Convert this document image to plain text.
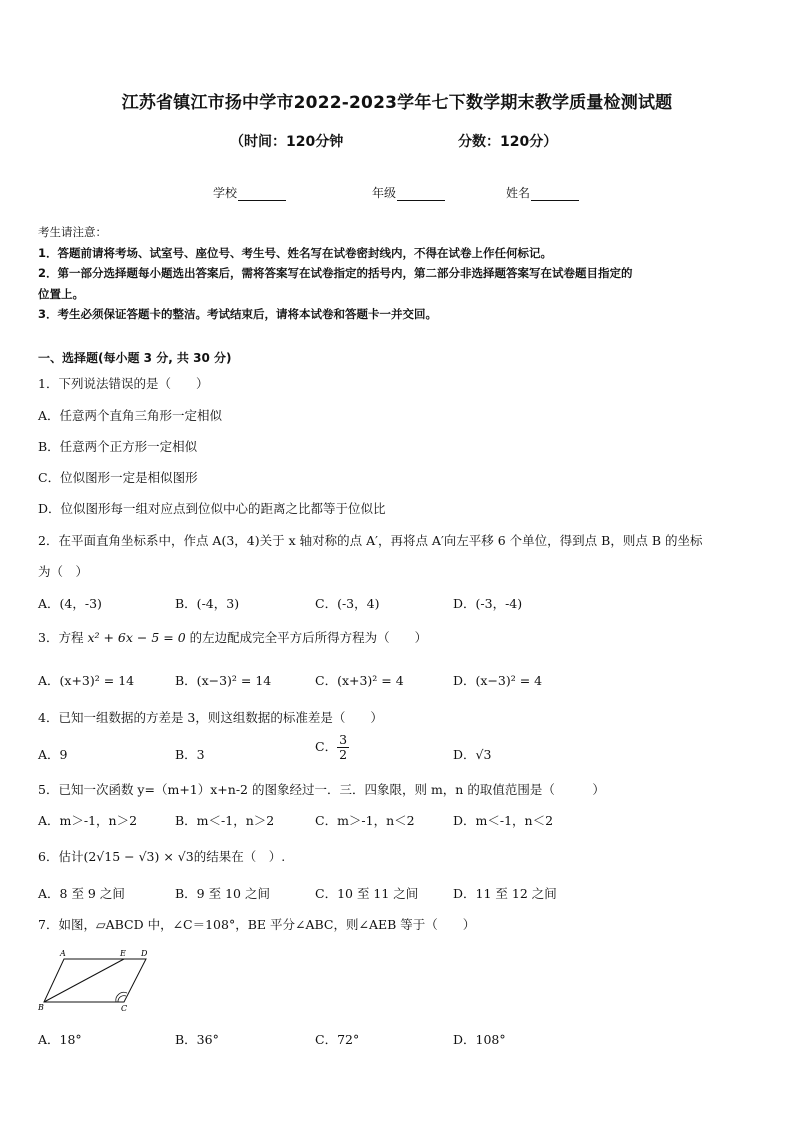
江苏省镇江市扬中学市2022-2023学年七下数学期末教学质量检测试题
（时间：120分钟	分数：120分）
学校	年级	姓名
考生请注意：
1．答题前请将考场、试室号、座位号、考生号、姓名写在试卷密封线内，不得在试卷上作任何标记。
2．第一部分选择题每小题选出答案后，需将答案写在试卷指定的括号内，第二部分非选择题答案写在试卷题目指定的
位置上。
3．考生必须保证答题卡的整洁。考试结束后，请将本试卷和答题卡一并交回。
一、选择题(每小题 3 分, 共 30 分)
1．下列说法错误的是（　　）
A．任意两个直角三角形一定相似
B．任意两个正方形一定相似
C．位似图形一定是相似图形
D．位似图形每一组对应点到位似中心的距离之比都等于位似比
2．在平面直角坐标系中，作点 A(3，4)关于 x 轴对称的点 A′，再将点 A′向左平移 6 个单位，得到点 B，则点 B 的坐标
为（　）
A．(4，-3)	B．(-4，3)	C．(-3，4)	D．(-3，-4)
3．方程 x² + 6x − 5 = 0 的左边配成完全平方后所得方程为（　　）
A．(x+3)² = 14	B．(x−3)² = 14	C．(x+3)² = 4	D．(x−3)² = 4
4．已知一组数据的方差是 3，则这组数据的标准差是（　　）
A．9	B．3
C． $\frac{3}{2}$	D．√3
5．已知一次函数 y=（m+1）x+n-2 的图象经过一．三．四象限，则 m，n 的取值范围是（　　　）
A．m＞-1，n＞2	B．m＜-1，n＞2	C．m＞-1，n＜2	D．m＜-1，n＜2
6．估计(2√15 − √3) × √3的结果在（　）.
A．8 至 9 之间	B．9 至 10 之间	C．10 至 11 之间	D．11 至 12 之间
7．如图，▱ABCD 中，∠C＝108°，BE 平分∠ABC，则∠AEB 等于（　　）
A	E D
B	C
A．18°	B．36°	C．72°	D．108°
